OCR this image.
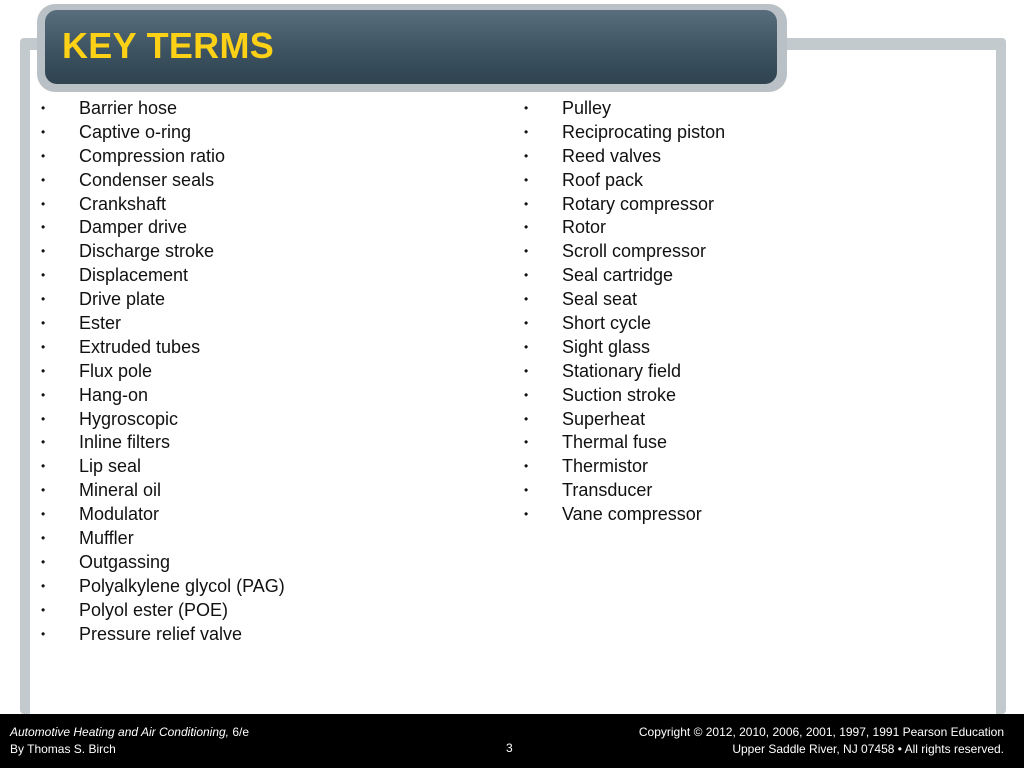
KEY TERMS
• Barrier hose
• Captive o-ring
• Compression ratio
• Condenser seals
• Crankshaft
• Damper drive
• Discharge stroke
• Displacement
• Drive plate
• Ester
• Extruded tubes
• Flux pole
• Hang-on
• Hygroscopic
• Inline filters
• Lip seal
• Mineral oil
• Modulator
• Muffler
• Outgassing
• Polyalkylene glycol (PAG)
• Polyol ester (POE)
• Pressure relief valve
• Pulley
• Reciprocating piston
• Reed valves
• Roof pack
• Rotary compressor
• Rotor
• Scroll compressor
• Seal cartridge
• Seal seat
• Short cycle
• Sight glass
• Stationary field
• Suction stroke
• Superheat
• Thermal fuse
• Thermistor
• Transducer
• Vane compressor
Automotive Heating and Air Conditioning, 6/e
By Thomas S. Birch	3
Copyright © 2012, 2010, 2006, 2001, 1997, 1991 Pearson Education
Upper Saddle River, NJ 07458 • All rights reserved.
